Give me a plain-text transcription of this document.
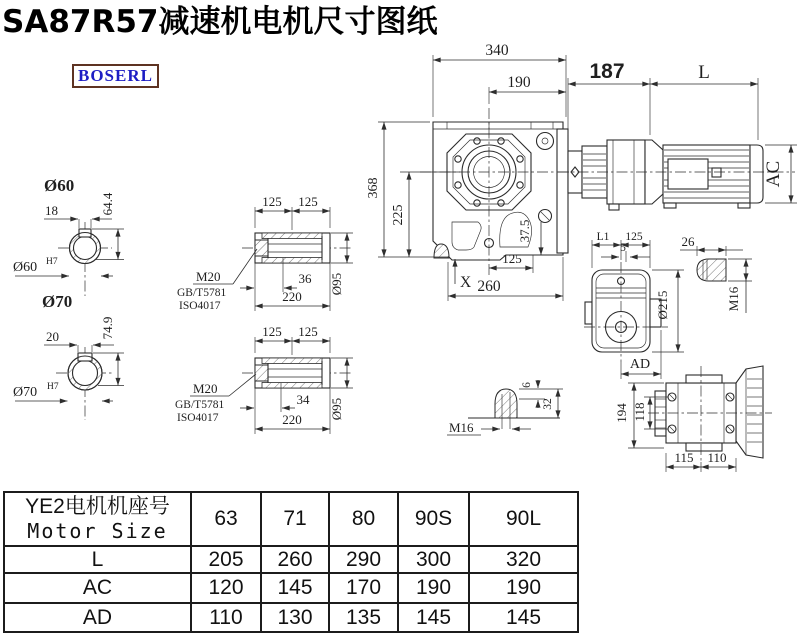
SA87R57减速机电机尺寸图纸
BOSERL
Ø60
18	64.4
Ø60 H7
Ø70
20	74.9
Ø70 H7
125 125
36
220
Ø95
M20
GB/T5781
ISO4017
125 125
34
220 Ø95
M20
GB/T5781
ISO4017
37.5
X
125
260
340
190
368
225
187	L
AC
L1 125
5
Ø215
AD
26
M16
M16
6
32	194 118
115 110
YE2电机机座号
Motor Size	63	71	80	90S	90L
L	205	260	290	300	320
AC	120	145	170	190	190
AD	110	130	135	145	145
